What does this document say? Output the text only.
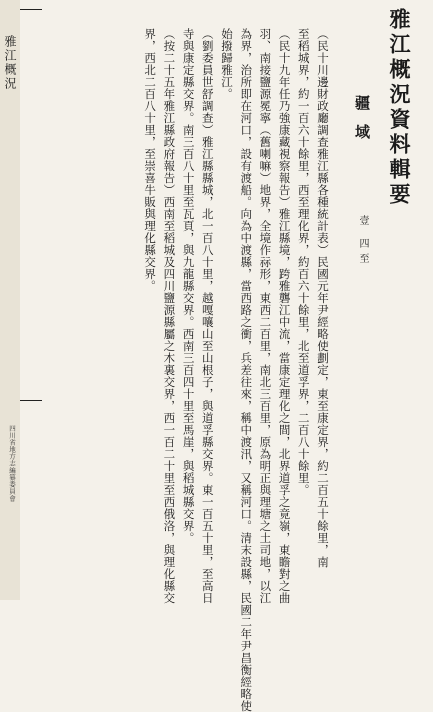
雅江概況
四川省地方志編纂委員會
雅江概況資料輯要
疆域
壹 四至
（民十川邊財政廳調查雅江縣各種統計表）民國元年尹經略使劃定，東至康定界，約二百五十餘里，南
至稻城界，約一百六十餘里，西至理化界，約百六十餘里，北至道孚界，二百八十餘里。
（民十九年任乃強康藏視察報告）雅江縣境，跨雅礱江中流，當康定理化之間，北界道孚之竟嶺，東瞻對之曲
羽、南接鹽源冕寧（舊喇嘛）地界，全境作祘形，東西二百里，南北三百里，原為明正與理塘之土司地，以江
為界，治所即在河口，設有渡船。向為中渡縣，當西路之衝，兵差往來，稱中渡汛，又稱河口。清末設縣，民國二年尹昌衡經略使
始撥歸雅江。
（劉委員世舒調查）雅江縣縣城，北一百八十里，越嘎嚷山至山根子，與道孚縣交界。東一百五十里，至高日
寺與康定縣交界。南三百八十里至瓦頁，與九龍縣交界。西南三百四十里至馬崖，與稻城縣交界。
（按二十五年雅江縣政府報告）西南至稻城及四川鹽源縣屬之木裏交界，西一百二十里至西俄洛，與理化縣交
界，西北二百八十里，至崇喜牛販與理化縣交界。
